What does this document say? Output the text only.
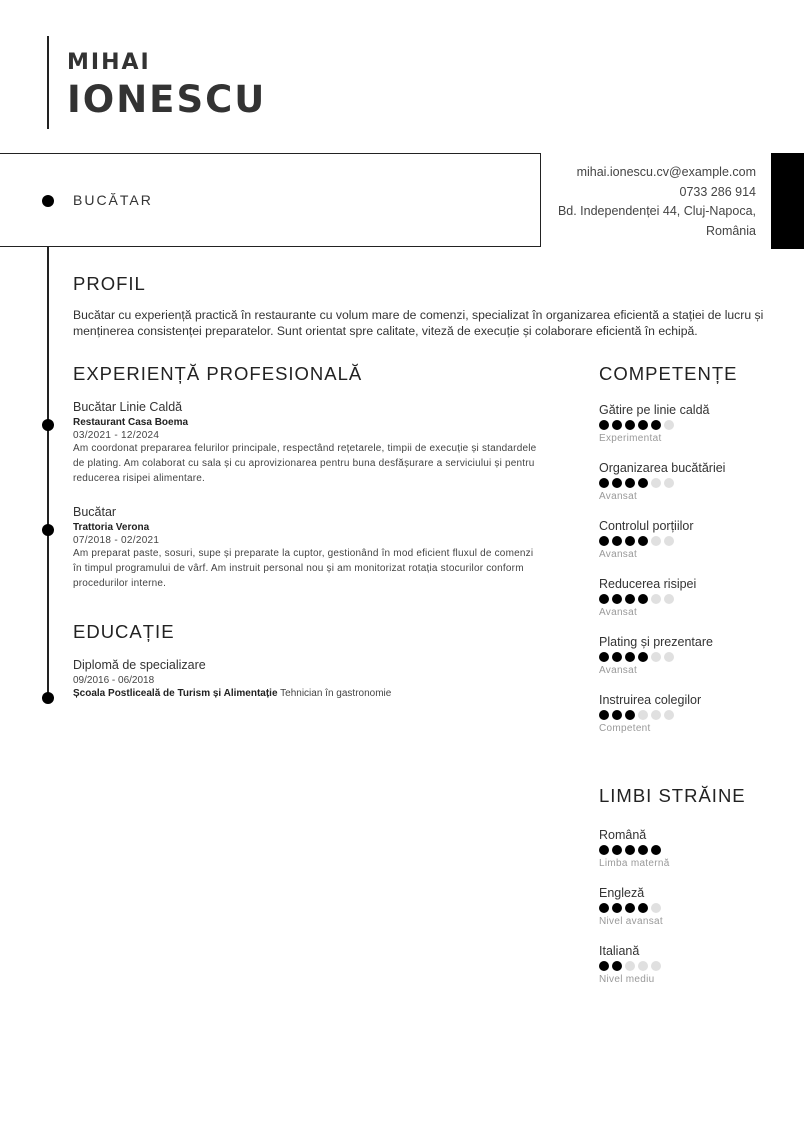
MIHAI
IONESCU
BUCĂTAR
mihai.ionescu.cv@example.com
0733 286 914
Bd. Independenței 44, Cluj-Napoca, România
PROFIL
Bucătar cu experiență practică în restaurante cu volum mare de comenzi, specializat în organizarea eficientă a stației de lucru și menținerea consistenței preparatelor. Sunt orientat spre calitate, viteză de execuție și colaborare eficientă în echipă.
EXPERIENȚĂ PROFESIONALĂ
Bucătar Linie Caldă
Restaurant Casa Boema
03/2021 - 12/2024
Am coordonat prepararea felurilor principale, respectând rețetarele, timpii de execuție și standardele de plating. Am colaborat cu sala și cu aprovizionarea pentru buna desfășurare a serviciului și pentru reducerea risipei alimentare.
Bucătar
Trattoria Verona
07/2018 - 02/2021
Am preparat paste, sosuri, supe și preparate la cuptor, gestionând în mod eficient fluxul de comenzi în timpul programului de vârf. Am instruit personal nou și am monitorizat rotația stocurilor conform procedurilor interne.
EDUCAȚIE
Diplomă de specializare
09/2016 - 06/2018
Școala Postliceală de Turism și Alimentație Tehnician în gastronomie
COMPETENȚE
Gătire pe linie caldă
Experimentat
Organizarea bucătăriei
Avansat
Controlul porțiilor
Avansat
Reducerea risipei
Avansat
Plating și prezentare
Avansat
Instruirea colegilor
Competent
LIMBI STRĂINE
Română
Limba maternă
Engleză
Nivel avansat
Italiană
Nivel mediu
